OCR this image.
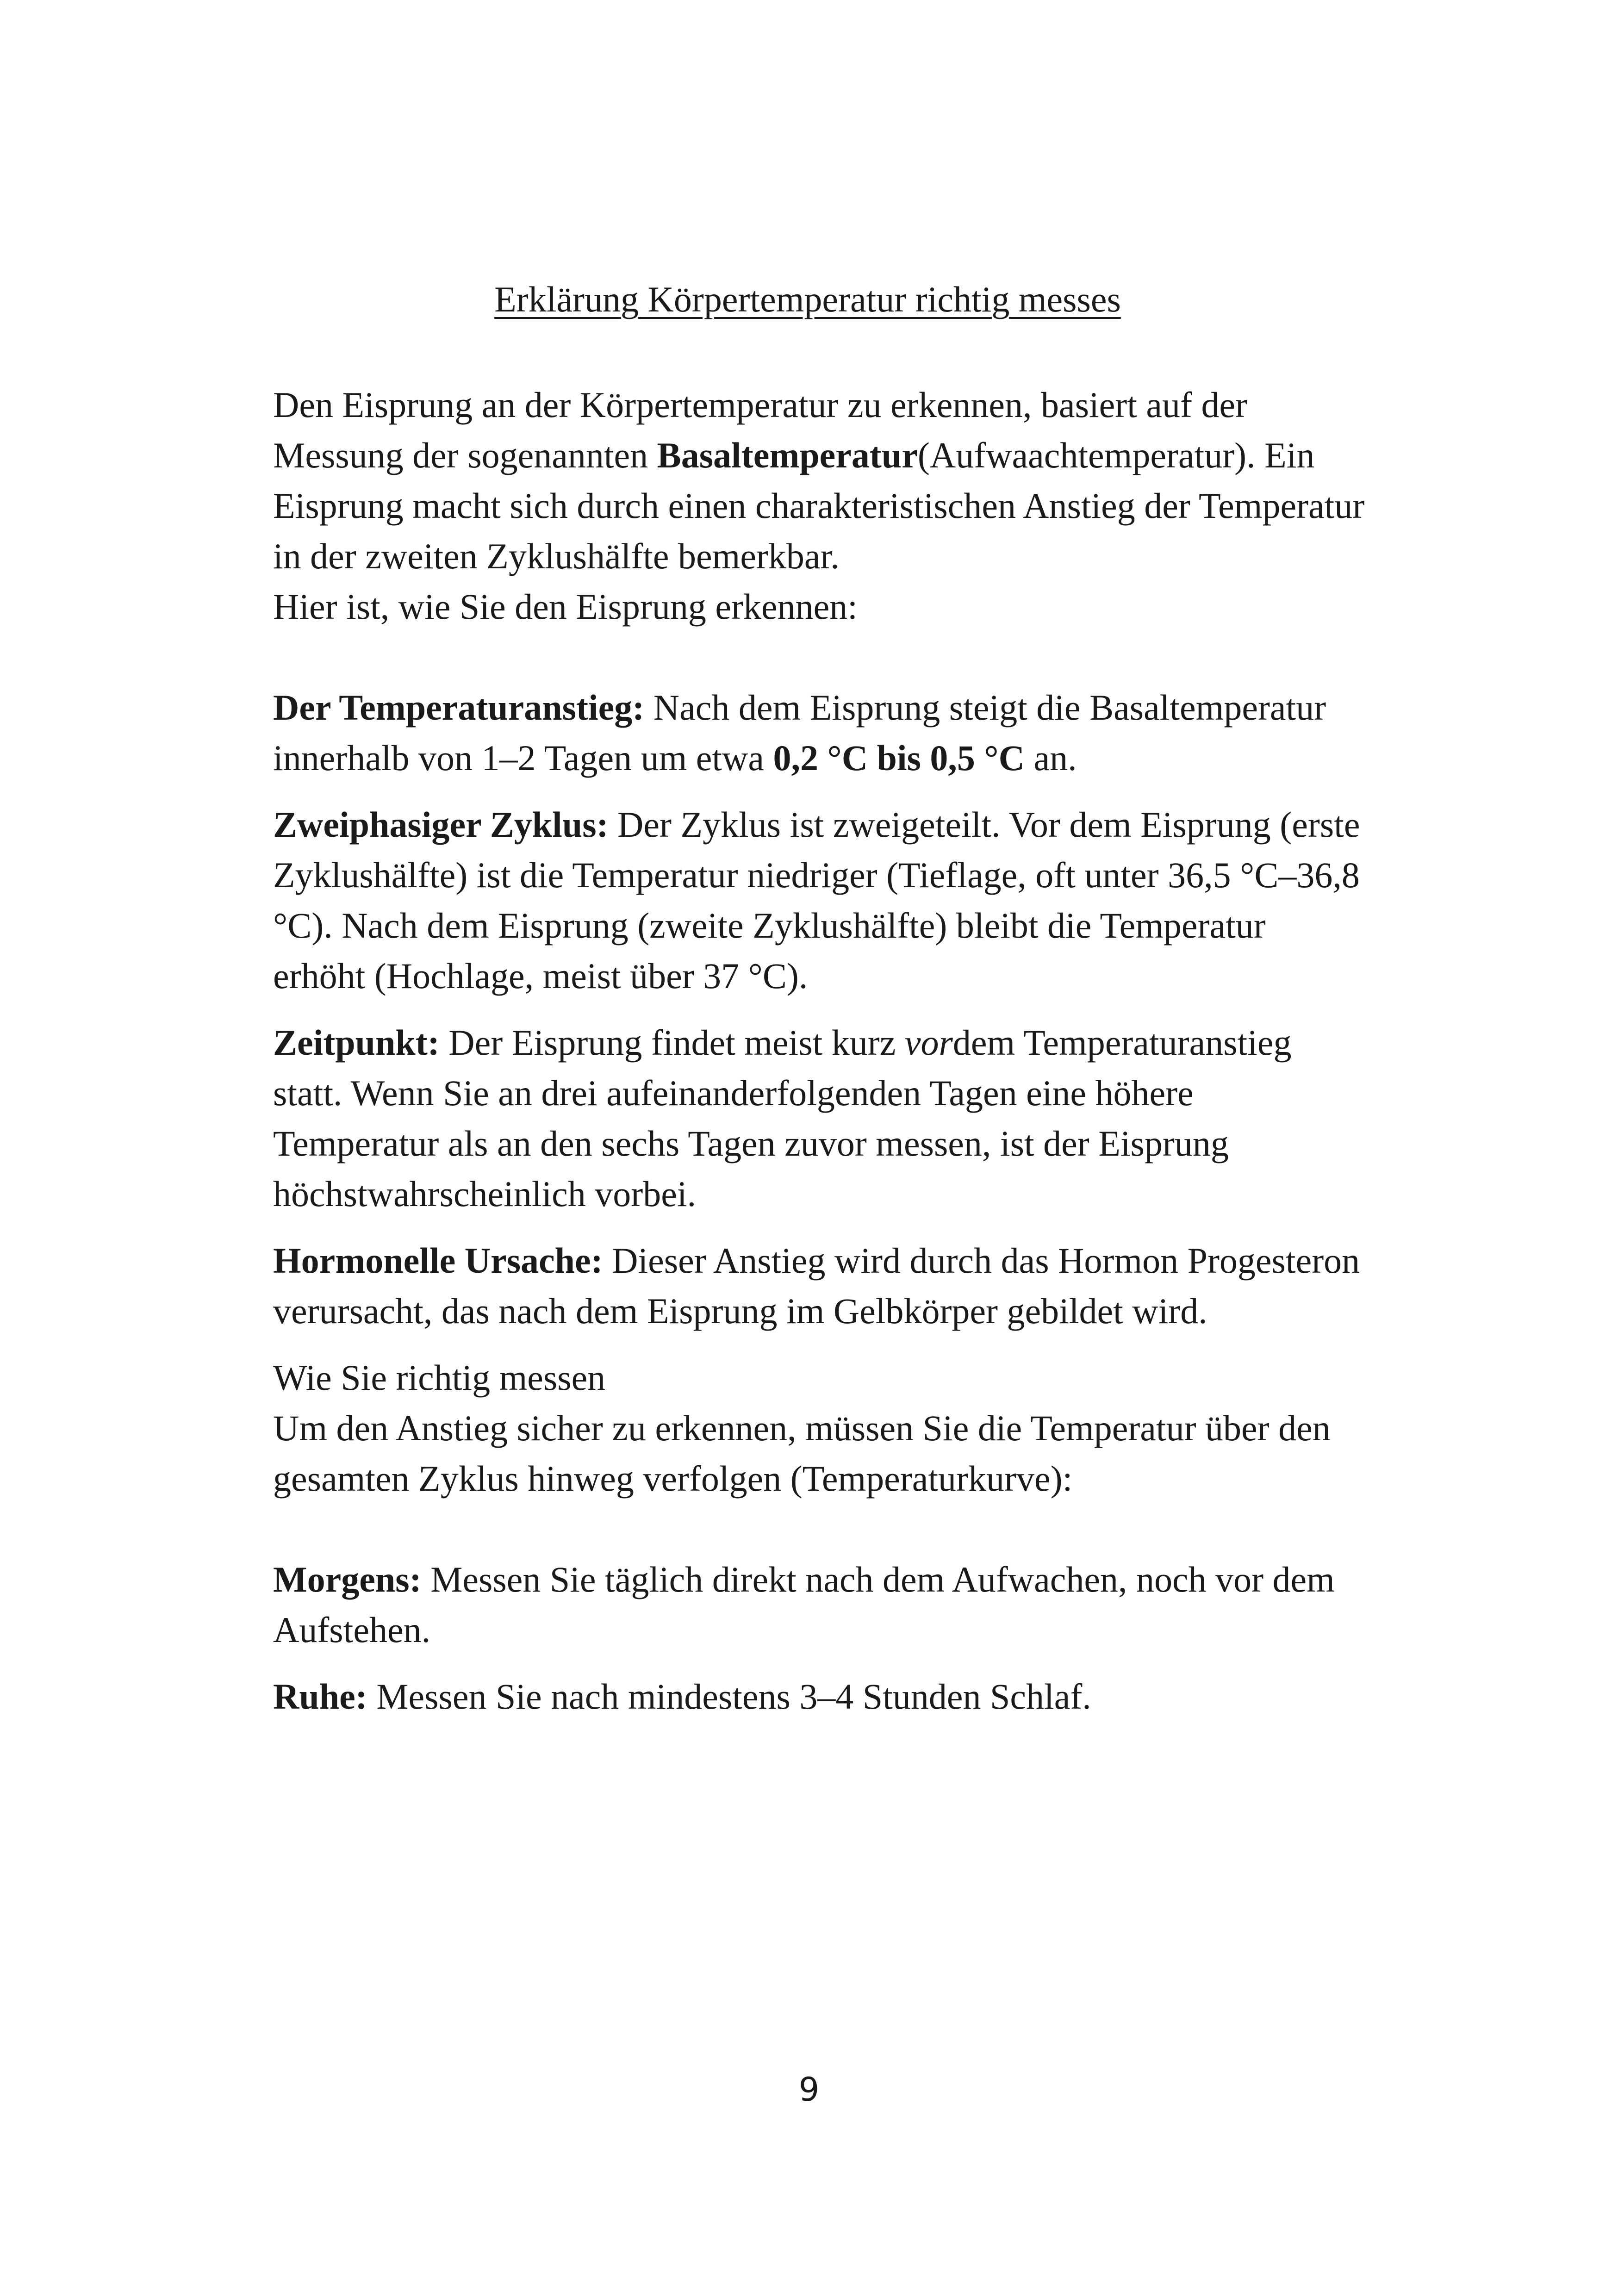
Erklärung Körpertemperatur richtig messes

Den Eisprung an der Körpertemperatur zu erkennen, basiert auf der Messung der sogenannten Basaltemperatur(Aufwaachtemperatur). Ein Eisprung macht sich durch einen charakteristischen Anstieg der Temperatur in der zweiten Zyklushälfte bemerkbar.

Hier ist, wie Sie den Eisprung erkennen:

Der Temperaturanstieg: Nach dem Eisprung steigt die Basaltemperatur innerhalb von 1–2 Tagen um etwa 0,2 °C bis 0,5 °C an.

Zweiphasiger Zyklus: Der Zyklus ist zweigeteilt. Vor dem Eisprung (erste Zyklushälfte) ist die Temperatur niedriger (Tieflage, oft unter 36,5 °C–36,8 °C). Nach dem Eisprung (zweite Zyklushälfte) bleibt die Temperatur erhöht (Hochlage, meist über 37 °C).

Zeitpunkt: Der Eisprung findet meist kurz vordem Temperaturanstieg statt. Wenn Sie an drei aufeinanderfolgenden Tagen eine höhere Temperatur als an den sechs Tagen zuvor messen, ist der Eisprung höchstwahrscheinlich vorbei.

Hormonelle Ursache: Dieser Anstieg wird durch das Hormon Progesteron verursacht, das nach dem Eisprung im Gelbkörper gebildet wird.

Wie Sie richtig messen

Um den Anstieg sicher zu erkennen, müssen Sie die Temperatur über den gesamten Zyklus hinweg verfolgen (Temperaturkurve):

Morgens: Messen Sie täglich direkt nach dem Aufwachen, noch vor dem Aufstehen.

Ruhe: Messen Sie nach mindestens 3–4 Stunden Schlaf.

9
